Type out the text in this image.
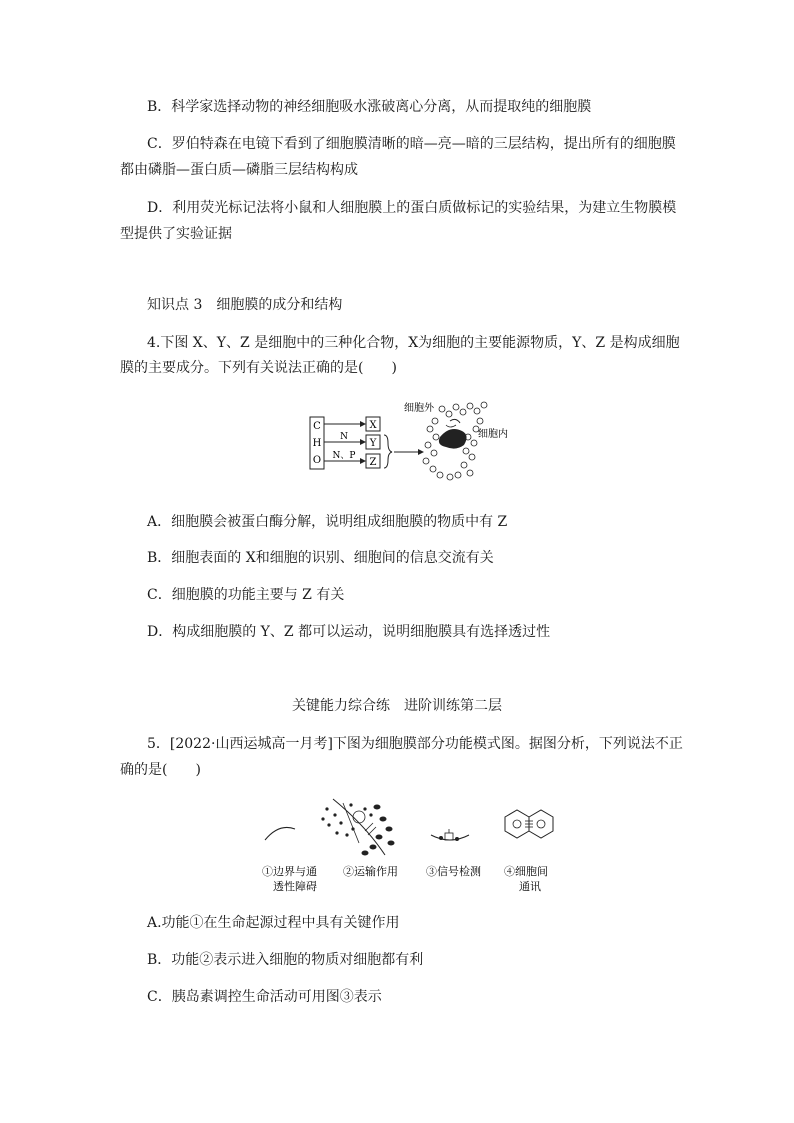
B．科学家选择动物的神经细胞吸水涨破离心分离，从而提取纯的细胞膜
C．罗伯特森在电镜下看到了细胞膜清晰的暗—亮—暗的三层结构，提出所有的细胞膜
都由磷脂—蛋白质—磷脂三层结构构成
D．利用荧光标记法将小鼠和人细胞膜上的蛋白质做标记的实验结果，为建立生物膜模
型提供了实验证据
知识点 3　细胞膜的成分和结构
4.下图 X、Y、Z 是细胞中的三种化合物，X为细胞的主要能源物质，Y、Z 是构成细胞
膜的主要成分。下列有关说法正确的是(　　)
C
H
O
N
N、P
X
Y
Z
细胞外
细胞内
A．细胞膜会被蛋白酶分解，说明组成细胞膜的物质中有 Z
B．细胞表面的 X和细胞的识别、细胞间的信息交流有关
C．细胞膜的功能主要与 Z 有关
D．构成细胞膜的 Y、Z 都可以运动，说明细胞膜具有选择透过性
关键能力综合练　进阶训练第二层
5．[2022·山西运城高一月考]下图为细胞膜部分功能模式图。据图分析，下列说法不正
确的是(　　)
①边界与通
透性障碍
②运输作用	③信号检测 ④细胞间
通讯
A.功能①在生命起源过程中具有关键作用
B．功能②表示进入细胞的物质对细胞都有利
C．胰岛素调控生命活动可用图③表示
